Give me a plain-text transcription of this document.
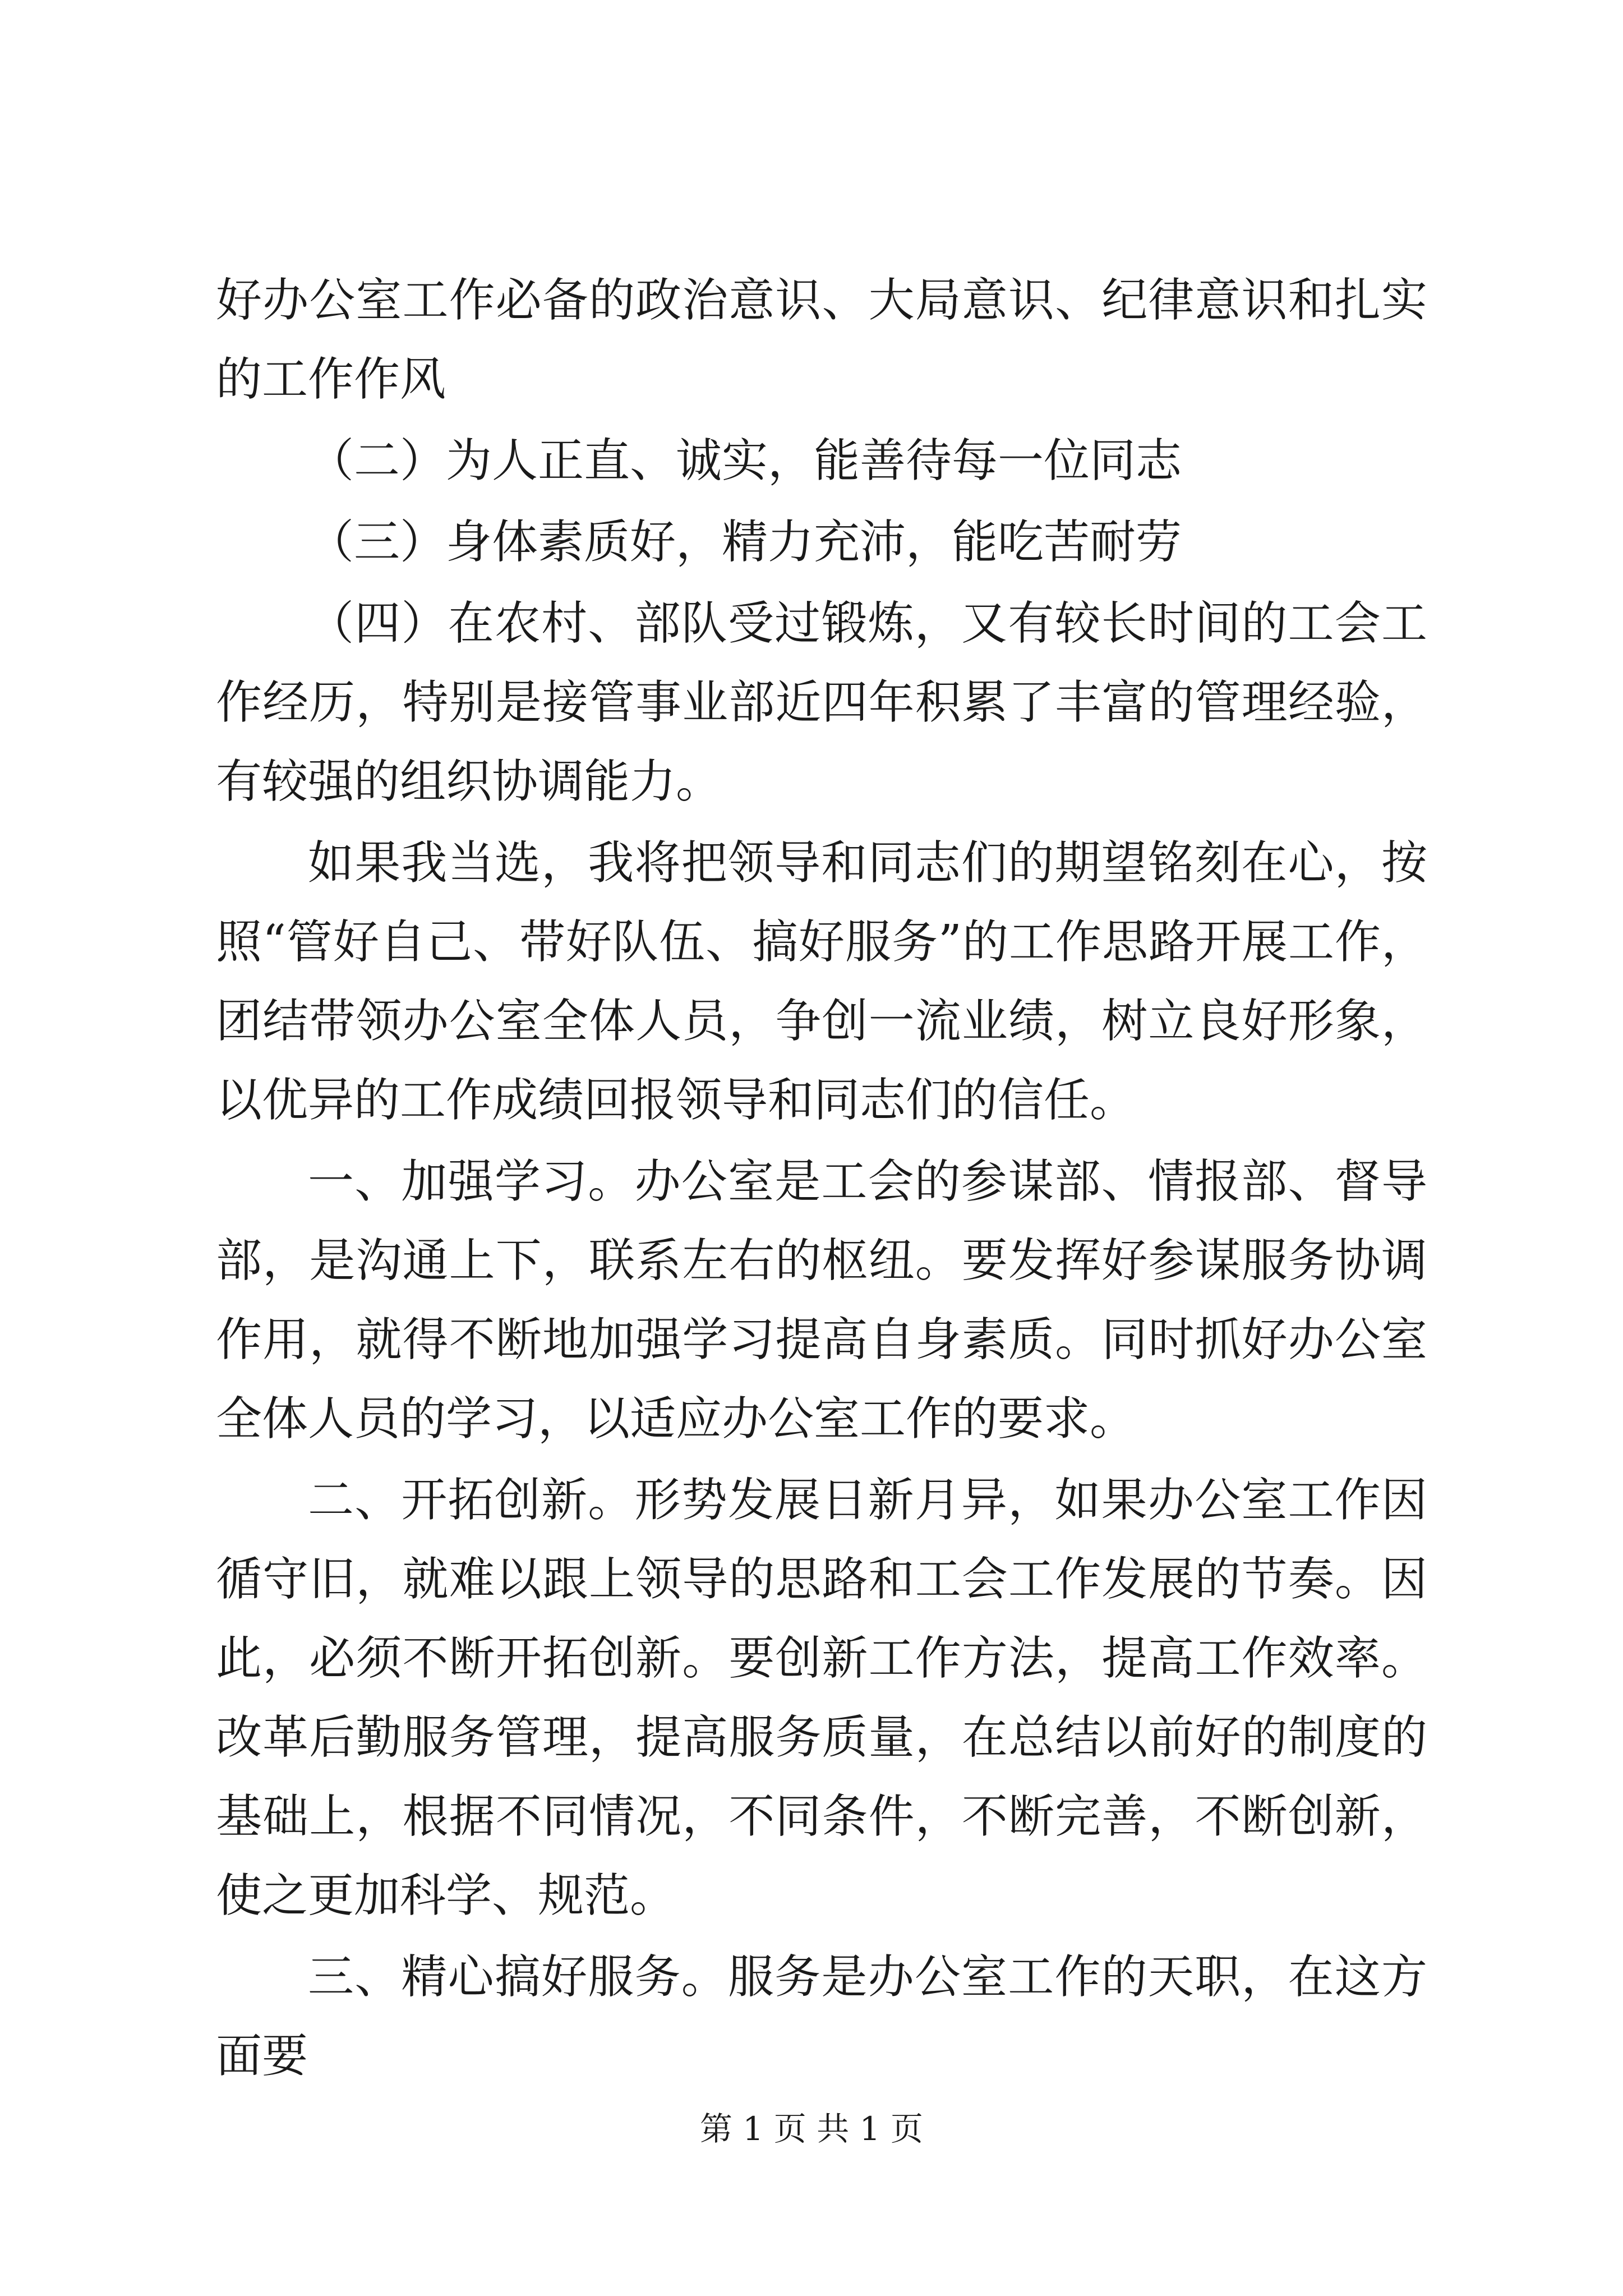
好办公室工作必备的政治意识、大局意识、纪律意识和扎实的工作作风

（二）为人正直、诚实，能善待每一位同志

（三）身体素质好，精力充沛，能吃苦耐劳

（四）在农村、部队受过锻炼，又有较长时间的工会工作经历，特别是接管事业部近四年积累了丰富的管理经验，有较强的组织协调能力。

如果我当选，我将把领导和同志们的期望铭刻在心，按照“管好自己、带好队伍、搞好服务”的工作思路开展工作，团结带领办公室全体人员，争创一流业绩，树立良好形象，以优异的工作成绩回报领导和同志们的信任。

一、加强学习。办公室是工会的参谋部、情报部、督导部，是沟通上下，联系左右的枢纽。要发挥好参谋服务协调作用，就得不断地加强学习提高自身素质。同时抓好办公室全体人员的学习，以适应办公室工作的要求。

二、开拓创新。形势发展日新月异，如果办公室工作因循守旧，就难以跟上领导的思路和工会工作发展的节奏。因此，必须不断开拓创新。要创新工作方法，提高工作效率。改革后勤服务管理，提高服务质量，在总结以前好的制度的基础上，根据不同情况，不同条件，不断完善，不断创新，使之更加科学、规范。

三、精心搞好服务。服务是办公室工作的天职，在这方面要

第 1 页 共 1 页
